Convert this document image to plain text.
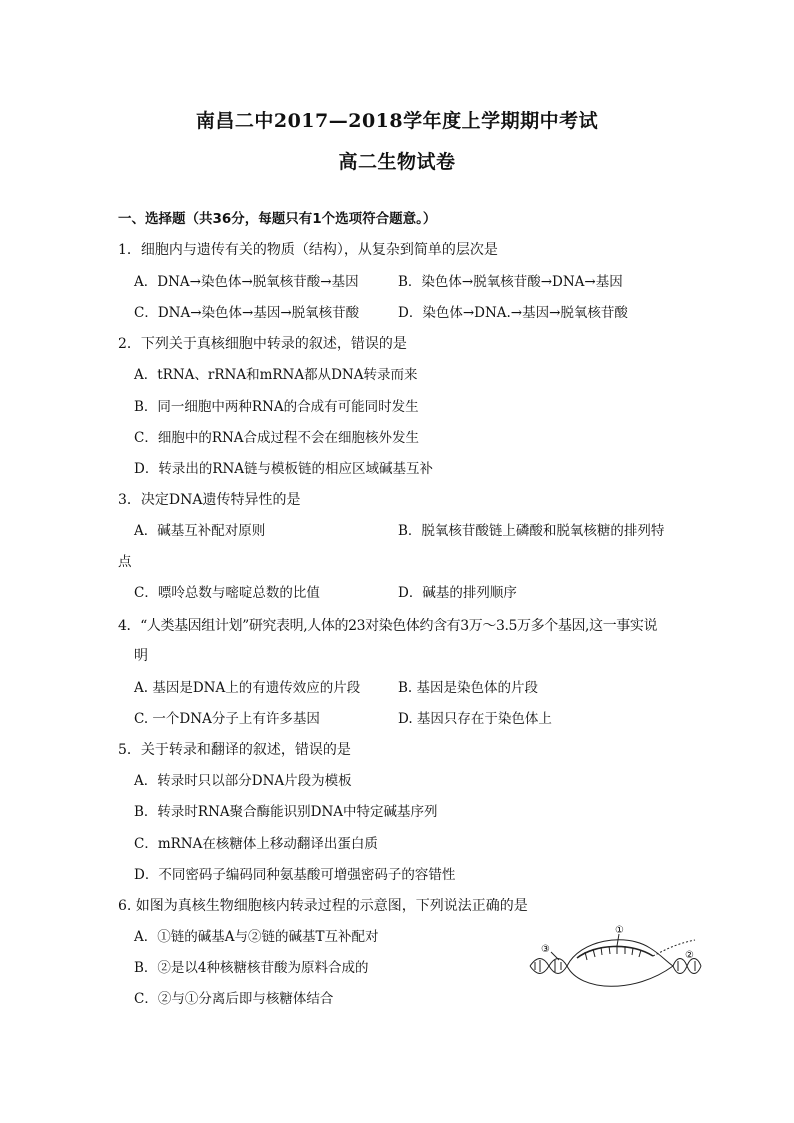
南昌二中2017—2018学年度上学期期中考试
高二生物试卷
一、选择题（共36分，每题只有1个选项符合题意。）
1．细胞内与遗传有关的物质（结构），从复杂到简单的层次是
A．DNA→染色体→脱氧核苷酸→基因	B．染色体→脱氧核苷酸→DNA→基因
C．DNA→染色体→基因→脱氧核苷酸	D．染色体→DNA.→基因→脱氧核苷酸
2．下列关于真核细胞中转录的叙述，错误的是
A．tRNA、rRNA和mRNA都从DNA转录而来
B．同一细胞中两种RNA的合成有可能同时发生
C．细胞中的RNA合成过程不会在细胞核外发生
D．转录出的RNA链与模板链的相应区域碱基互补
3．决定DNA遗传特异性的是
A．碱基互补配对原则	B．脱氧核苷酸链上磷酸和脱氧核糖的排列特
点
C．嘌呤总数与嘧啶总数的比值	D．碱基的排列顺序
4．“人类基因组计划”研究表明,人体的23对染色体约含有3万～3.5万多个基因,这一事实说
明
A. 基因是DNA上的有遗传效应的片段	B. 基因是染色体的片段
C. 一个DNA分子上有许多基因	D. 基因只存在于染色体上
5．关于转录和翻译的叙述，错误的是
A．转录时只以部分DNA片段为模板
B．转录时RNA聚合酶能识别DNA中特定碱基序列
C．mRNA在核糖体上移动翻译出蛋白质
D．不同密码子编码同种氨基酸可增强密码子的容错性
6. 如图为真核生物细胞核内转录过程的示意图，下列说法正确的是
A．①链的碱基A与②链的碱基T互补配对
B．②是以4种核糖核苷酸为原料合成的
C．②与①分离后即与核糖体结合
①
②
③
